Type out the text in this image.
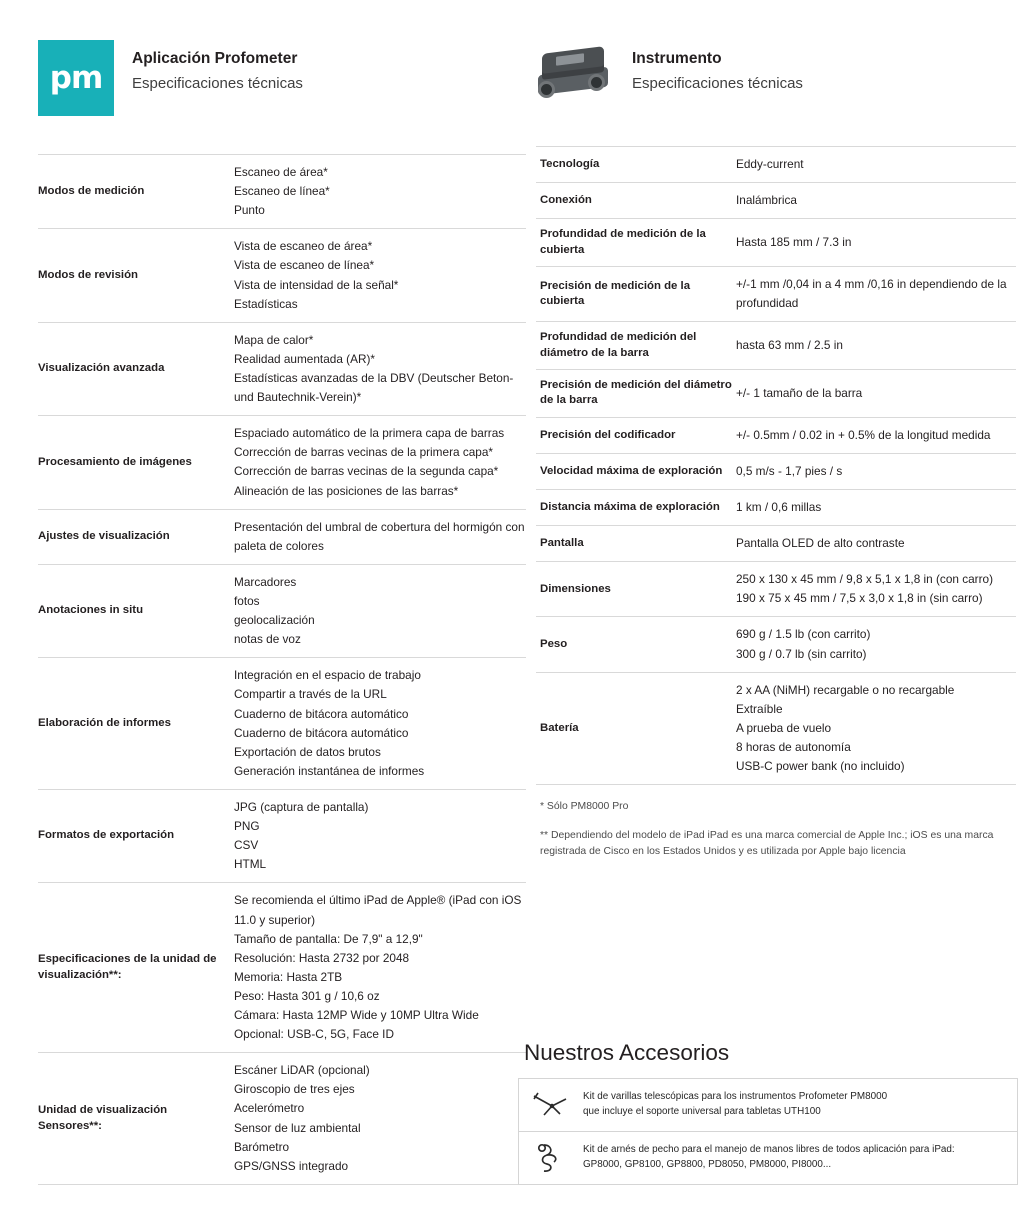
pm

Aplicación Profometer

Especificaciones técnicas

Modos de medición	Escaneo de área*
Escaneo de línea*
Punto

Modos de revisión	Vista de escaneo de área*
Vista de escaneo de línea*
Vista de intensidad de la señal*
Estadísticas

Visualización avanzada	Mapa de calor*
Realidad aumentada (AR)*
Estadísticas avanzadas de la DBV (Deutscher Beton- und Bautechnik-Verein)*

Procesamiento de imágenes	Espaciado automático de la primera capa de barras
Corrección de barras vecinas de la primera capa*
Corrección de barras vecinas de la segunda capa*
Alineación de las posiciones de las barras*

Ajustes de visualización	Presentación del umbral de cobertura del hormigón con paleta de colores

Anotaciones in situ	Marcadores
fotos
geolocalización
notas de voz

Elaboración de informes	
Integración en el espacio de trabajo
Compartir a través de la URL
Cuaderno de bitácora automático
Cuaderno de bitácora automático
Exportación de datos brutos
Generación instantánea de informes

Formatos de exportación	JPG (captura de pantalla)
PNG
CSV
HTML

Especificaciones de la unidad de visualización**:	
Se recomienda el último iPad de Apple® (iPad con iOS 11.0 y superior)
Tamaño de pantalla: De 7,9" a 12,9"
Resolución: Hasta 2732 por 2048
Memoria: Hasta 2TB
Peso: Hasta 301 g / 10,6 oz
Cámara: Hasta 12MP Wide y 10MP Ultra Wide
Opcional: USB-C, 5G, Face ID

Unidad de visualización Sensores**:	
Escáner LiDAR (opcional)
Giroscopio de tres ejes
Acelerómetro
Sensor de luz ambiental
Barómetro
GPS/GNSS integrado

Instrumento

Especificaciones técnicas

Tecnología	Eddy-current

Conexión	Inalámbrica

Profundidad de medición de la cubierta	Hasta 185 mm / 7.3 in

Precisión de medición de la cubierta	+/-1 mm /0,04 in a 4 mm /0,16 in dependiendo de la profundidad

Profundidad de medición del diámetro de la barra	hasta 63 mm / 2.5 in

Precisión de medición del diámetro de la barra	+/- 1 tamaño de la barra

Precisión del codificador	+/- 0.5mm / 0.02 in + 0.5% de la longitud medida

Velocidad máxima de exploración	0,5 m/s - 1,7 pies / s

Distancia máxima de exploración	1 km / 0,6 millas

Pantalla	Pantalla OLED de alto contraste

Dimensiones	250 x 130 x 45 mm / 9,8 x 5,1 x 1,8 in (con carro)
190 x 75 x 45 mm / 7,5 x 3,0 x 1,8 in (sin carro)

Peso	690 g / 1.5 lb (con carrito)
300 g / 0.7 lb (sin carrito)

Batería	2 x AA (NiMH) recargable o no recargable
Extraíble
A prueba de vuelo
8 horas de autonomía
USB-C power bank (no incluido)

* Sólo PM8000 Pro

** Dependiendo del modelo de iPad iPad es una marca comercial de Apple Inc.; iOS es una marca registrada de Cisco en los Estados Unidos y es utilizada por Apple bajo licencia

Nuestros Accesorios
Kit de varillas telescópicas para los instrumentos Profometer PM8000
que incluye el soporte universal para tabletas UTH100
Kit de arnés de pecho para el manejo de manos libres de todos aplicación para iPad:
GP8000, GP8100, GP8800, PD8050, PM8000, PI8000...
